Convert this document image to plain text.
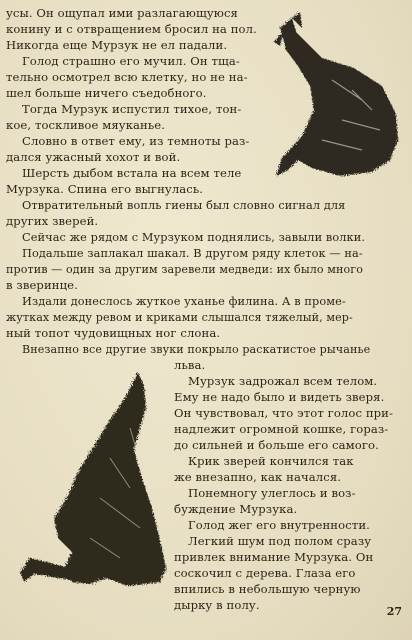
усы. Он ощупал ими разлагающуюся
конину и с отвращением бросил на пол.
Никогда еще Мурзук не ел падали.
Голод страшно его мучил. Он тща-
тельно осмотрел всю клетку, но не на-
шел больше ничего съедобного.
Тогда Мурзук испустил тихое, тон-
кое, тоскливое мяуканье.
Словно в ответ ему, из темноты раз-
дался ужасный хохот и вой.
Шерсть дыбом встала на всем теле
Мурзука. Спина его выгнулась.
Отвратительный вопль гиены был словно сигнал для
других зверей.
Сейчас же рядом с Мурзуком поднялись, завыли волки.
Подальше заплакал шакал. В другом ряду клеток — на-
против — один за другим заревели медведи: их было много
в зверинце.
Издали донеслось жуткое уханье филина. А в проме-
жутках между ревом и криками слышался тяжелый, мер-
ный топот чудовищных ног слона.
Внезапно все другие звуки покрыло раскатистое рычанье
льва.
Мурзук задрожал всем телом.
Ему не надо было и видеть зверя.
Он чувствовал, что этот голос при-
надлежит огромной кошке, гораз-
до сильней и больше его самого.
Крик зверей кончился так
же внезапно, как начался.
Понемногу улеглось и воз-
буждение Мурзука.
Голод жег его внутренности.
Легкий шум под полом сразу
привлек внимание Мурзука. Он
соскочил с дерева. Глаза его
впились в небольшую черную
дырку в полу.	27
